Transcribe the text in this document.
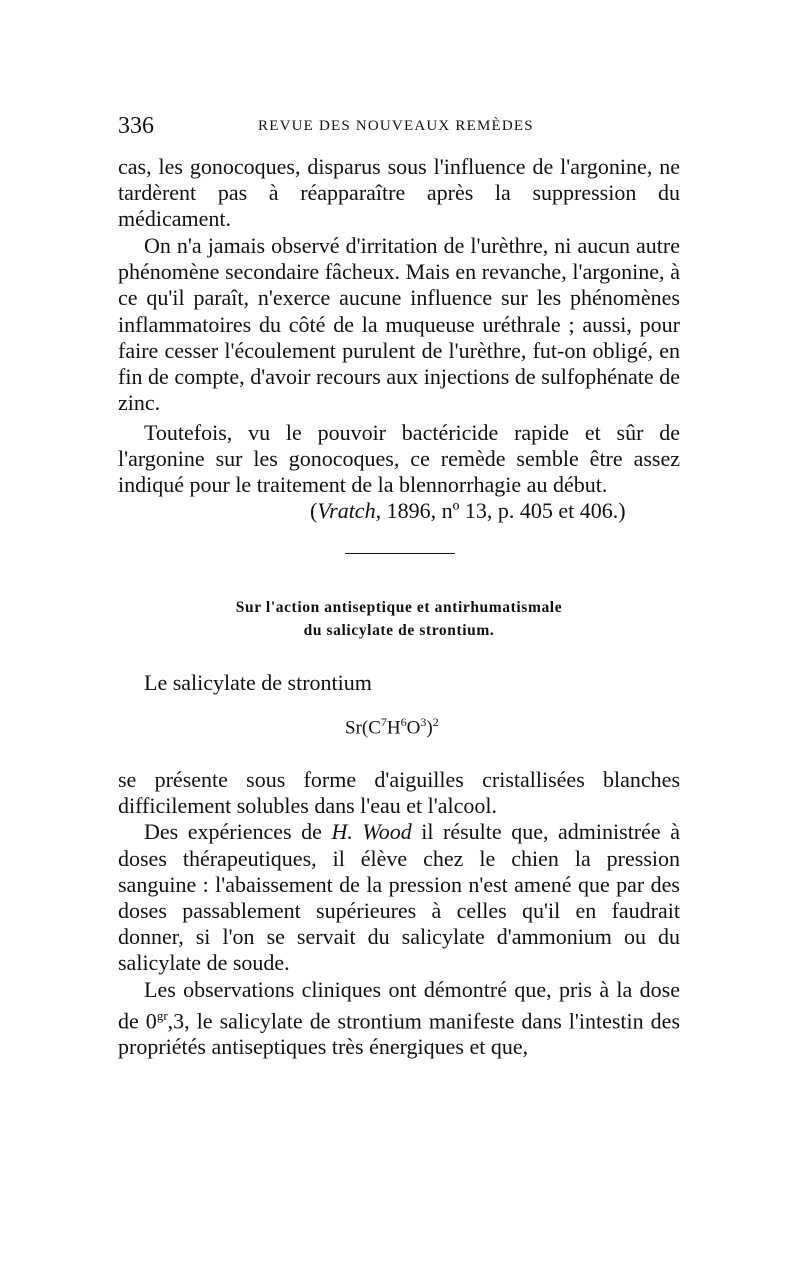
336	REVUE DES NOUVEAUX REMÈDES

cas, les gonocoques, disparus sous l'influence de l'argonine, ne tardèrent pas à réapparaître après la suppression du médicament.

On n'a jamais observé d'irritation de l'urèthre, ni aucun autre phénomène secondaire fâcheux. Mais en revanche, l'argonine, à ce qu'il paraît, n'exerce aucune influence sur les phénomènes inflammatoires du côté de la muqueuse uréthrale ; aussi, pour faire cesser l'écoulement purulent de l'urèthre, fut-on obligé, en fin de compte, d'avoir recours aux injections de sulfophénate de zinc.

Toutefois, vu le pouvoir bactéricide rapide et sûr de l'argonine sur les gonocoques, ce remède semble être assez indiqué pour le traitement de la blennorrhagie au début.

(Vratch, 1896, nº 13, p. 405 et 406.)
Sur l'action antiseptique et antirhumatismale
du salicylate de strontium.

Le salicylate de strontium

$Sr(C^7H^6O^3)^2$

se présente sous forme d'aiguilles cristallisées blanches difficilement solubles dans l'eau et l'alcool.

Des expériences de H. Wood il résulte que, administrée à doses thérapeutiques, il élève chez le chien la pression sanguine : l'abaissement de la pression n'est amené que par des doses passablement supérieures à celles qu'il en faudrait donner, si l'on se servait du salicylate d'ammonium ou du salicylate de soude.

Les observations cliniques ont démontré que, pris à la dose de $0^{gr},3$, le salicylate de strontium manifeste dans l'intestin des propriétés antiseptiques très énergiques et que,
